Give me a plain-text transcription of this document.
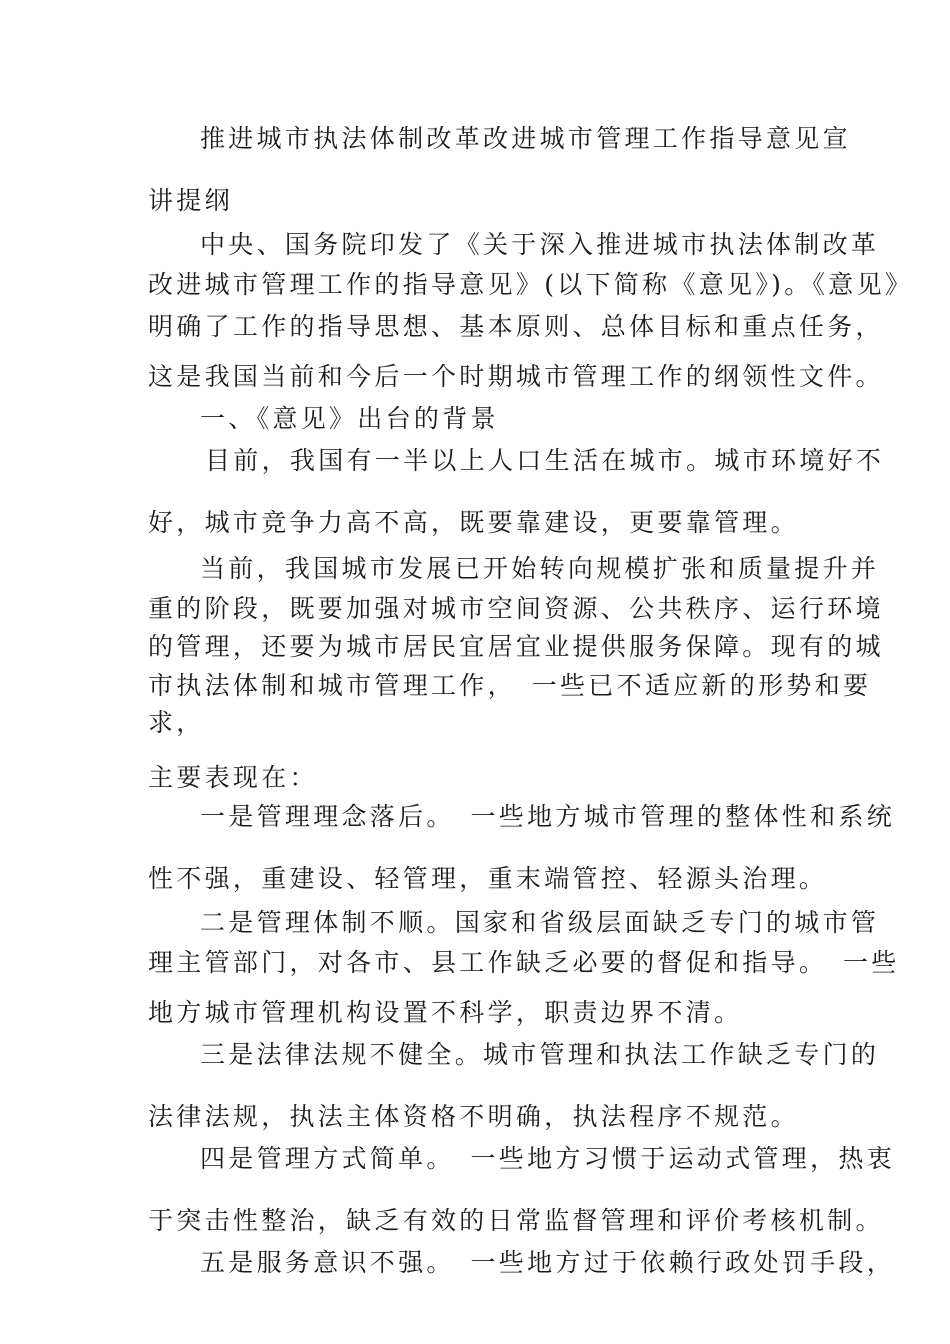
推进城市执法体制改革改进城市管理工作指导意见宣

讲提纲

中央、国务院印发了《关于深入推进城市执法体制改革

改进城市管理工作的指导意见》(以下简称《意见》)。《意见》

明确了工作的指导思想、基本原则、总体目标和重点任务，

这是我国当前和今后一个时期城市管理工作的纲领性文件。

一、《意见》出台的背景

目前，我国有一半以上人口生活在城市。城市环境好不

好，城市竞争力高不高，既要靠建设，更要靠管理。

当前，我国城市发展已开始转向规模扩张和质量提升并

重的阶段，既要加强对城市空间资源、公共秩序、运行环境

的管理，还要为城市居民宜居宜业提供服务保障。现有的城

市执法体制和城市管理工作，　一些已不适应新的形势和要

求，

主要表现在：

一是管理理念落后。　一些地方城市管理的整体性和系统

性不强，重建设、轻管理，重末端管控、轻源头治理。

二是管理体制不顺。国家和省级层面缺乏专门的城市管

理主管部门，对各市、县工作缺乏必要的督促和指导。　一些

地方城市管理机构设置不科学，职责边界不清。

三是法律法规不健全。城市管理和执法工作缺乏专门的

法律法规，执法主体资格不明确，执法程序不规范。

四是管理方式简单。　一些地方习惯于运动式管理，热衷

于突击性整治，缺乏有效的日常监督管理和评价考核机制。

五是服务意识不强。　一些地方过于依赖行政处罚手段，
